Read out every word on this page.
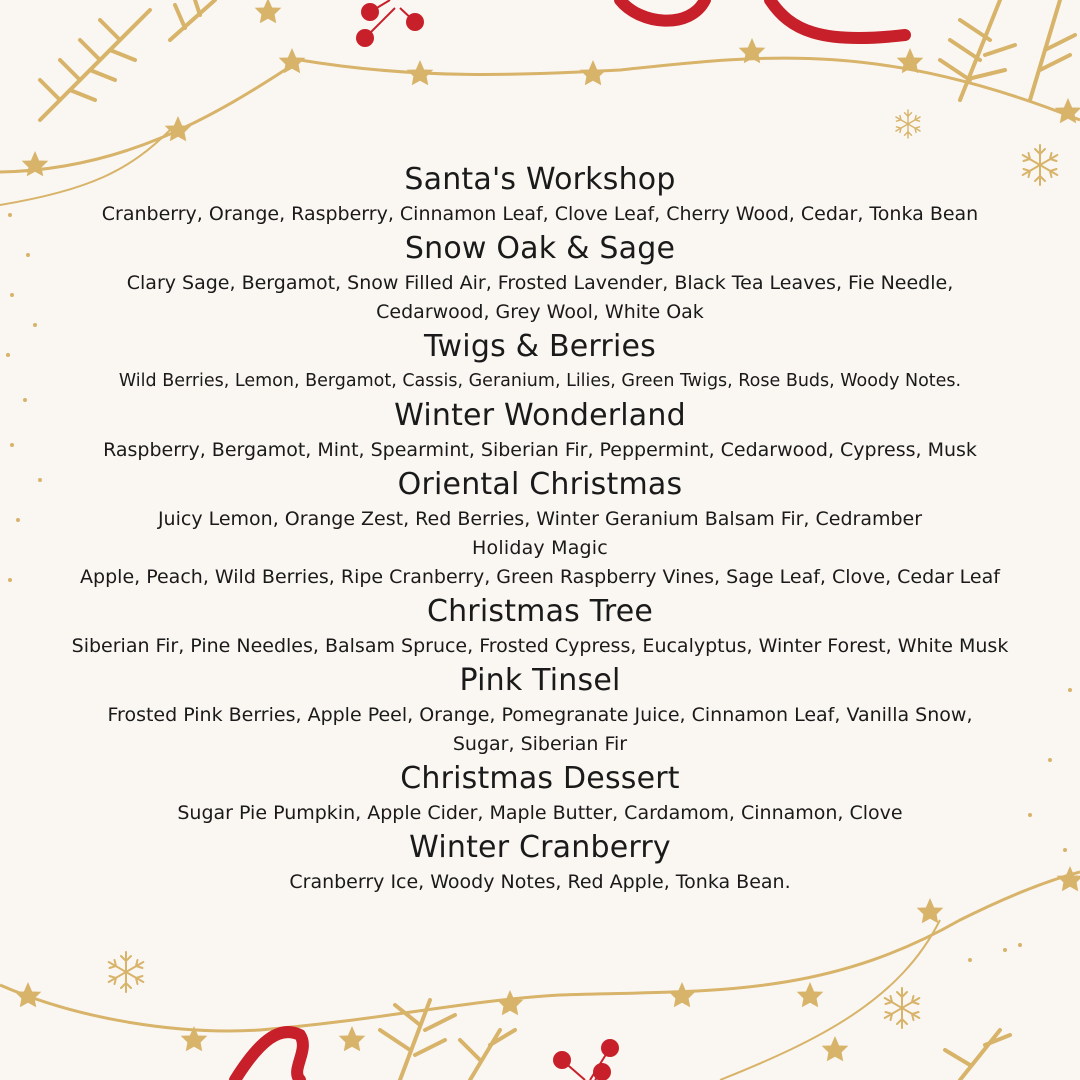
Santa's Workshop

Cranberry, Orange, Raspberry, Cinnamon Leaf, Clove Leaf, Cherry Wood, Cedar, Tonka Bean

Snow Oak & Sage

Clary Sage, Bergamot, Snow Filled Air, Frosted Lavender, Black Tea Leaves, Fie Needle, Cedarwood, Grey Wool, White Oak

Twigs & Berries

Wild Berries, Lemon, Bergamot, Cassis, Geranium, Lilies, Green Twigs, Rose Buds, Woody Notes.

Winter Wonderland

Raspberry, Bergamot, Mint, Spearmint, Siberian Fir, Peppermint, Cedarwood, Cypress, Musk

Oriental Christmas

Juicy Lemon, Orange Zest, Red Berries, Winter Geranium Balsam Fir, Cedramber

Holiday Magic

Apple, Peach, Wild Berries, Ripe Cranberry, Green Raspberry Vines, Sage Leaf, Clove, Cedar Leaf

Christmas Tree

Siberian Fir, Pine Needles, Balsam Spruce, Frosted Cypress, Eucalyptus, Winter Forest, White Musk

Pink Tinsel

Frosted Pink Berries, Apple Peel, Orange, Pomegranate Juice, Cinnamon Leaf, Vanilla Snow, Sugar, Siberian Fir

Christmas Dessert

Sugar Pie Pumpkin, Apple Cider, Maple Butter, Cardamom, Cinnamon, Clove

Winter Cranberry

Cranberry Ice, Woody Notes, Red Apple, Tonka Bean.
